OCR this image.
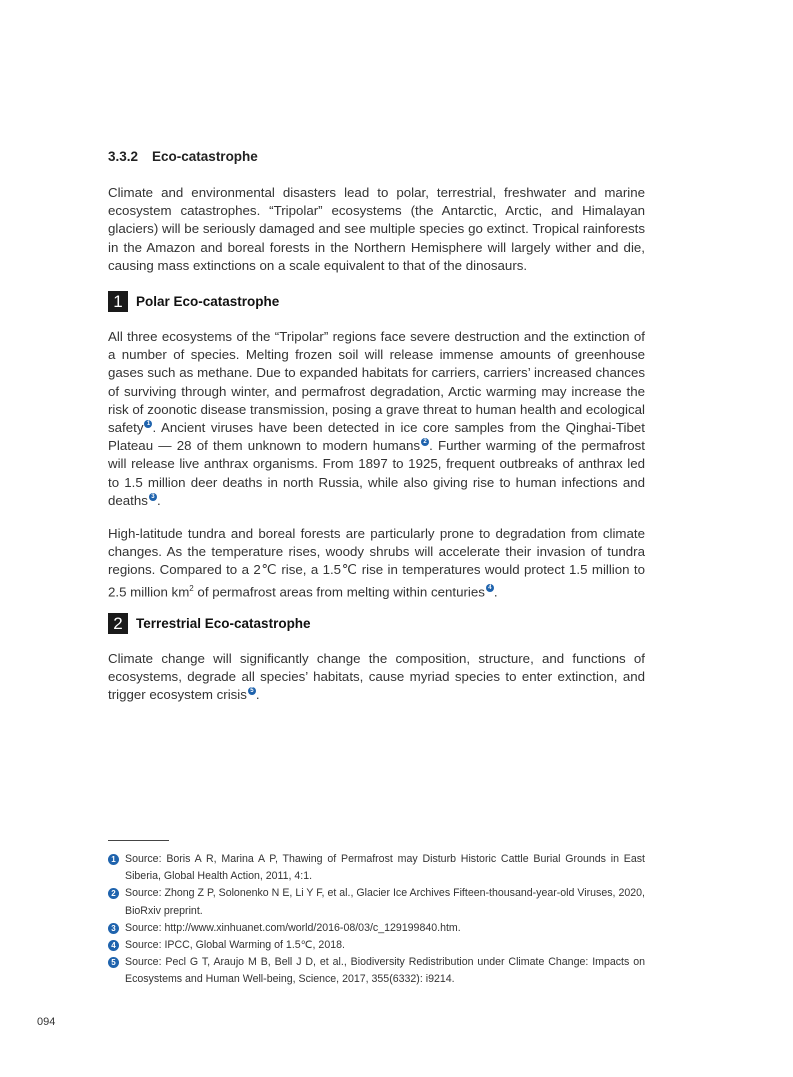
3.3.2 Eco-catastrophe

Climate and environmental disasters lead to polar, terrestrial, freshwater and marine ecosystem catastrophes. “Tripolar” ecosystems (the Antarctic, Arctic, and Himalayan glaciers) will be seriously damaged and see multiple species go extinct. Tropical rainforests in the Amazon and boreal forests in the Northern Hemisphere will largely wither and die, causing mass extinctions on a scale equivalent to that of the dinosaurs.

1 Polar Eco-catastrophe

All three ecosystems of the “Tripolar” regions face severe destruction and the extinction of a number of species. Melting frozen soil will release immense amounts of greenhouse gases such as methane. Due to expanded habitats for carriers, carriers’ increased chances of surviving through winter, and permafrost degradation, Arctic warming may increase the risk of zoonotic disease transmission, posing a grave threat to human health and ecological safety $^1$ . Ancient viruses have been detected in ice core samples from the Qinghai-Tibet Plateau — 28 of them unknown to modern humans $^2$ . Further warming of the permafrost will release live anthrax organisms. From 1897 to 1925, frequent outbreaks of anthrax led to 1.5 million deer deaths in north Russia, while also giving rise to human infections and deaths $^3$ .

High-latitude tundra and boreal forests are particularly prone to degradation from climate changes. As the temperature rises, woody shrubs will accelerate their invasion of tundra regions. Compared to a 2℃ rise, a 1.5℃ rise in temperatures would protect 1.5 million to 2.5 million $km^2$ of permafrost areas from melting within centuries $^4$ .

2 Terrestrial Eco-catastrophe

Climate change will significantly change the composition, structure, and functions of ecosystems, degrade all species’ habitats, cause myriad species to enter extinction, and trigger ecosystem crisis $^5$ .

1 Source: Boris A R, Marina A P, Thawing of Permafrost may Disturb Historic Cattle Burial Grounds in East Siberia, Global Health Action, 2011, 4:1.
2 Source: Zhong Z P, Solonenko N E, Li Y F, et al., Glacier Ice Archives Fifteen-thousand-year-old Viruses, 2020, BioRxiv preprint.
3 Source: http://www.xinhuanet.com/world/2016-08/03/c_129199840.htm.
4 Source: IPCC, Global Warming of 1.5℃, 2018.
5 Source: Pecl G T, Araujo M B, Bell J D, et al., Biodiversity Redistribution under Climate Change: Impacts on Ecosystems and Human Well-being, Science, 2017, 355(6332): i9214.
094
